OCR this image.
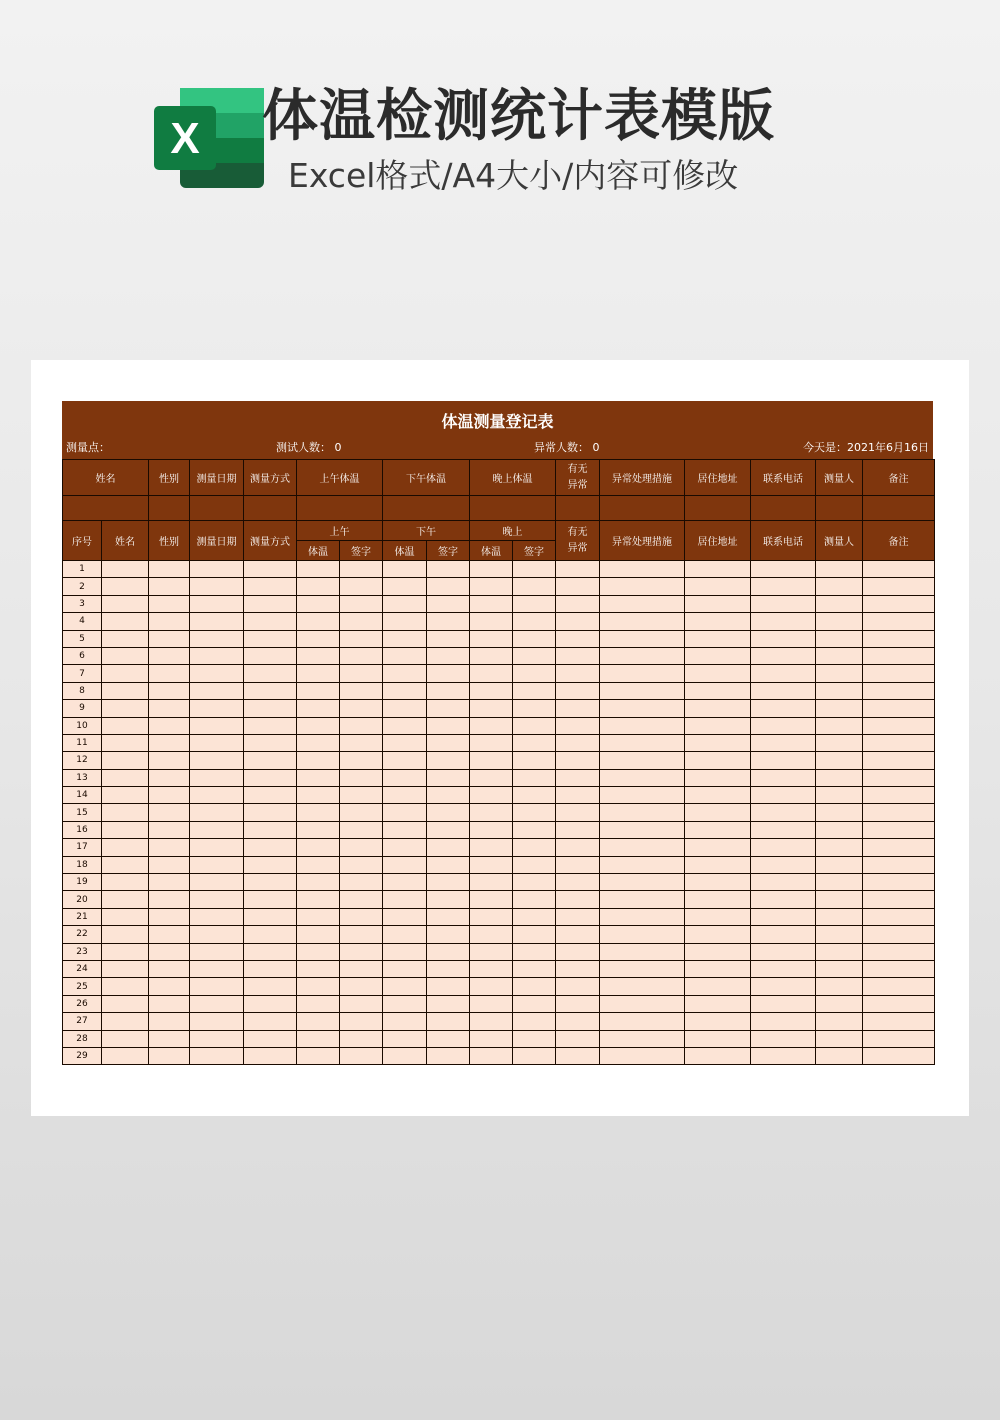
X 体温检测统计表模版
Excel格式/A4大小/内容可修改
体温测量登记表
测量点：	测试人数： 0	异常人数： 0	今天是：2021年6月16日
姓名		性别	测量日期	测量方式	上午体温		下午体温		晚上体温		有无异常	异常处理措施	居住地址	联系电话	测量人	备注

序号	姓名	性别	测量日期	测量方式	上午		下午		晚上		有无异常	异常处理措施	居住地址	联系电话	测量人	备注
					体温	签字	体温	签字	体温	签字						
1																
2																
3																
4																
5																
6																
7																
8																
9																
10																
11																
12																
13																
14																
15																
16																
17																
18																
19																
20																
21																
22																
23																
24																
25																
26																
27																
28																
29																
